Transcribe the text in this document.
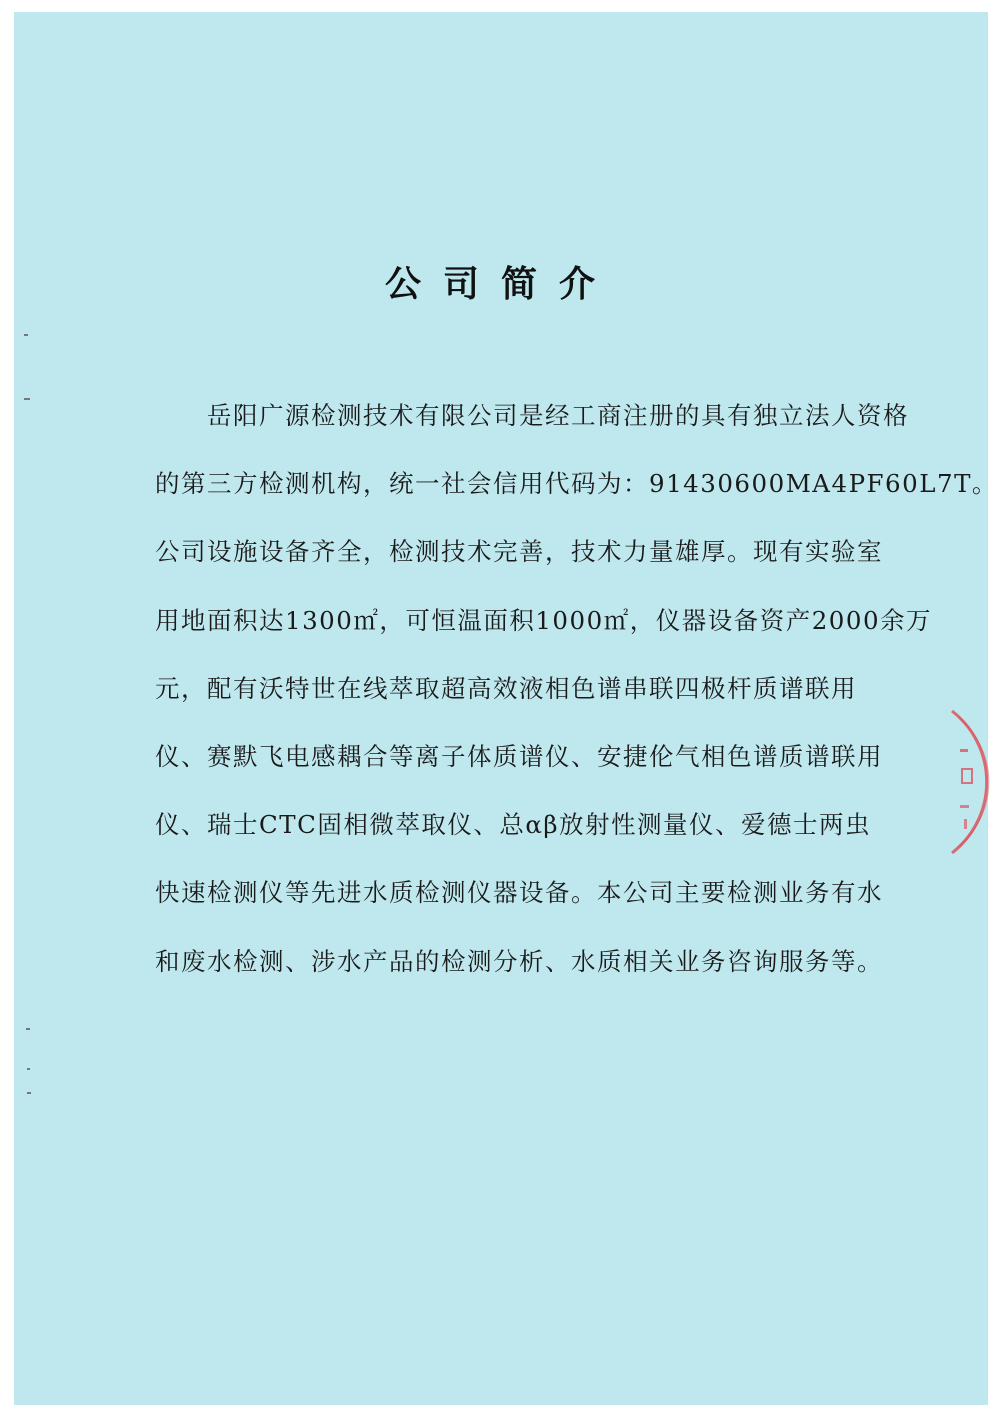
公司简介
　　岳阳广源检测技术有限公司是经工商注册的具有独立法人资格
的第三方检测机构，统一社会信用代码为：91430600MA4PF60L7T。
公司设施设备齐全，检测技术完善，技术力量雄厚。现有实验室
用地面积达1300㎡，可恒温面积1000㎡，仪器设备资产2000余万
元，配有沃特世在线萃取超高效液相色谱串联四极杆质谱联用
仪、赛默飞电感耦合等离子体质谱仪、安捷伦气相色谱质谱联用
仪、瑞士CTC固相微萃取仪、总αβ放射性测量仪、爱德士两虫
快速检测仪等先进水质检测仪器设备。本公司主要检测业务有水
和废水检测、涉水产品的检测分析、水质相关业务咨询服务等。
